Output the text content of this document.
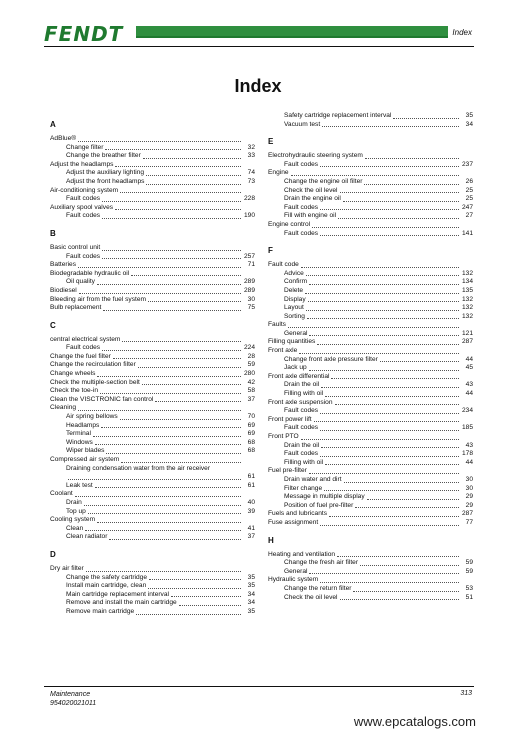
FENDT	Index
Index
A
AdBlue®
Change filter	32
Change the breather filter	33
Adjust the headlamps
Adjust the auxiliary lighting	74
Adjust the front headlamps	73
Air-conditioning system
Fault codes	228
Auxiliary spool valves
Fault codes	190
B
Basic control unit
Fault codes	257
Batteries	71
Biodegradable hydraulic oil
Oil quality	289
Biodiesel	289
Bleeding air from the fuel system	30
Bulb replacement	75
C
central electrical system
Fault codes	224
Change the fuel filter	28
Change the recirculation filter	59
Change wheels	280
Check the multiple-section belt	42
Check the toe-in	58
Clean the VISCTRONIC fan control	37
Cleaning
Air spring bellows	70
Headlamps	69
Terminal	69
Windows	68
Wiper blades	68
Compressed air system
Draining condensation water from the air receiver
61
Leak test	61
Coolant
Drain	40
Top up	39
Cooling system
Clean	41
Clean radiator	37
D
Dry air filter
Change the safety cartridge	35
Install main cartridge, clean	35
Main cartridge replacement interval	34
Remove and install the main cartridge	34
Remove main cartridge	35
Safety cartridge replacement interval	35
Vacuum test	34
E
Electrohydraulic steering system
Fault codes	237
Engine
Change the engine oil filter	26
Check the oil level	25
Drain the engine oil	25
Fault codes	247
Fill with engine oil	27
Engine control
Fault codes	141
F
Fault code
Advice	132
Confirm	134
Delete	135
Display	132
Layout	132
Sorting	132
Faults
General	121
Filling quantities	287
Front axle
Change front axle pressure filter	44
Jack up	45
Front axle differential
Drain the oil	43
Filling with oil	44
Front axle suspension
Fault codes	234
Front power lift
Fault codes	185
Front PTO
Drain the oil	43
Fault codes	178
Filling with oil	44
Fuel pre-filter
Drain water and dirt	30
Filter change	30
Message in multiple display	29
Position of fuel pre-filter	29
Fuels and lubricants	287
Fuse assignment	77
H
Heating and ventilation
Change the fresh air filter	59
General	59
Hydraulic system
Change the return filter	53
Check the oil level	51
Maintenance
954020021011
313
www.epcatalogs.com
